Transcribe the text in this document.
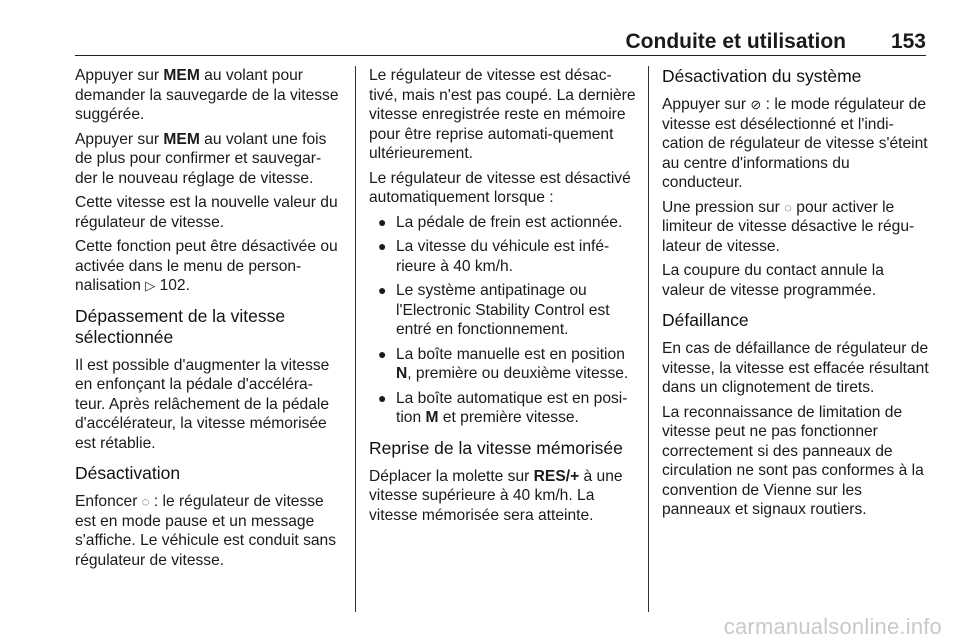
Conduite et utilisation 153

Appuyer sur MEM au volant pour demander la sauvegarde de la vitesse suggérée.

Appuyer sur MEM au volant une fois de plus pour confirmer et sauvegar-der le nouveau réglage de vitesse.

Cette vitesse est la nouvelle valeur du régulateur de vitesse.

Cette fonction peut être désactivée ou activée dans le menu de person-nalisation ▷ 102.

Dépassement de la vitesse sélectionnée

Il est possible d'augmenter la vitesse en enfonçant la pédale d'accéléra-teur. Après relâchement de la pédale d'accélérateur, la vitesse mémorisée est rétablie.

Désactivation

Enfoncer ◌ : le régulateur de vitesse est en mode pause et un message s'affiche. Le véhicule est conduit sans régulateur de vitesse.

Le régulateur de vitesse est désac-tivé, mais n'est pas coupé. La dernière vitesse enregistrée reste en mémoire pour être reprise automati-quement ultérieurement.

Le régulateur de vitesse est désactivé automatiquement lorsque :

● La pédale de frein est actionnée.
● La vitesse du véhicule est infé-rieure à 40 km/h.
● Le système antipatinage ou l'Electronic Stability Control est entré en fonctionnement.
● La boîte manuelle est en position N, première ou deuxième vitesse.
● La boîte automatique est en posi-tion M et première vitesse.
Reprise de la vitesse mémorisée

Déplacer la molette sur RES/+ à une vitesse supérieure à 40 km/h. La vitesse mémorisée sera atteinte.

Désactivation du système

Appuyer sur ⊘ : le mode régulateur de vitesse est désélectionné et l'indi-cation de régulateur de vitesse s'éteint au centre d'informations du conducteur.

Une pression sur ◌ pour activer le limiteur de vitesse désactive le régu-lateur de vitesse.

La coupure du contact annule la valeur de vitesse programmée.

Défaillance

En cas de défaillance de régulateur de vitesse, la vitesse est effacée résultant dans un clignotement de tirets.

La reconnaissance de limitation de vitesse peut ne pas fonctionner correctement si des panneaux de circulation ne sont pas conformes à la convention de Vienne sur les panneaux et signaux routiers.

carmanualsonline.info
